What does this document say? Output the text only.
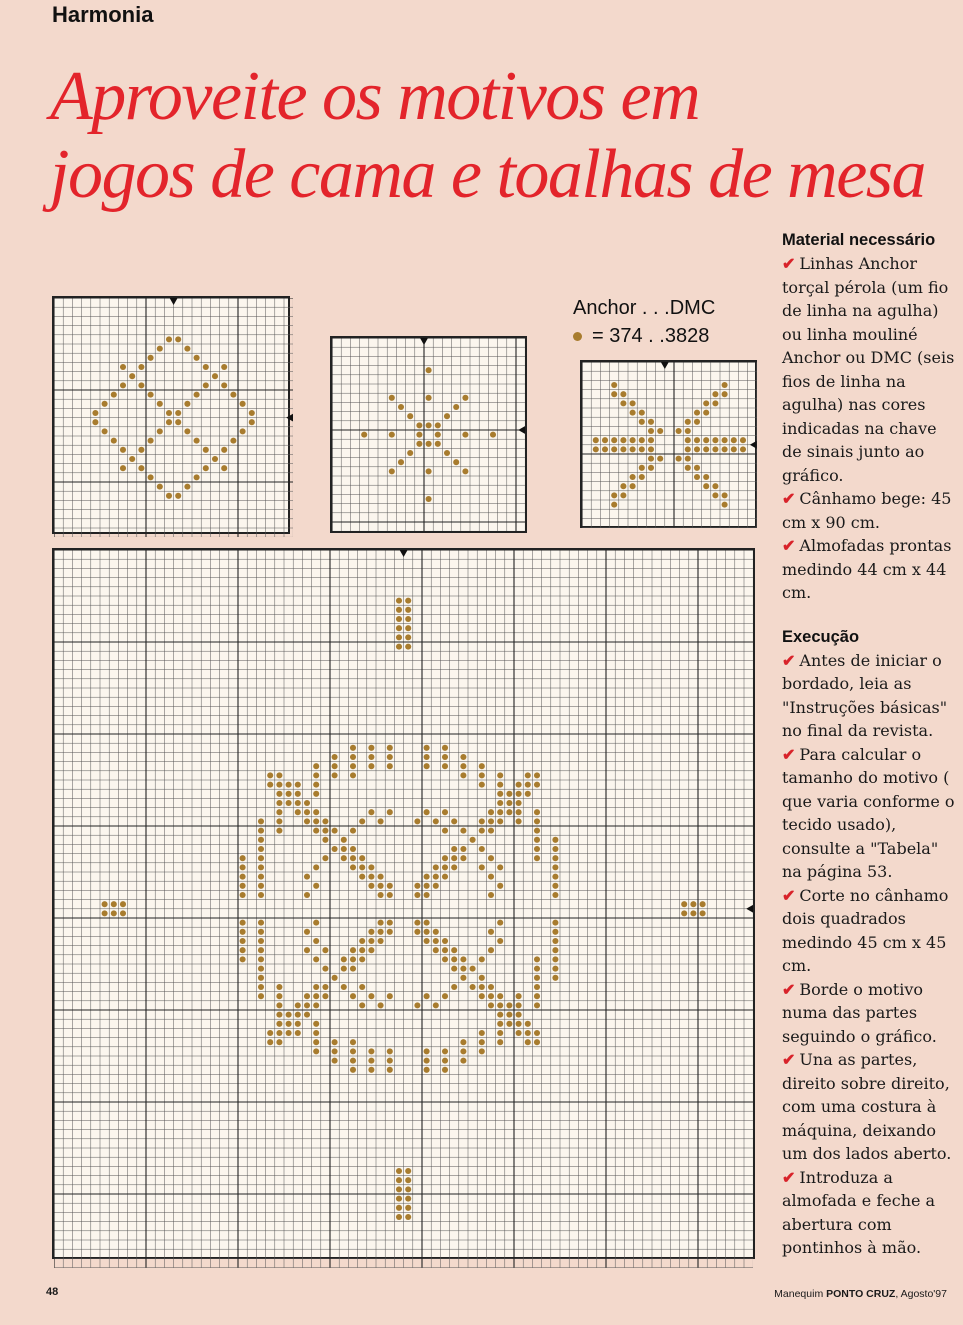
Harmonia
Aproveite os motivos em
jogos de cama e toalhas de mesa
Anchor . . .DMC
= 374 . .3828
Material necessário
✔ Linhas Anchor torçal pérola (um fio de linha na agulha) ou linha mouliné Anchor ou DMC (seis fios de linha na agulha) nas cores indicadas na chave de sinais junto ao gráfico.
✔ Cânhamo bege: 45 cm x 90 cm.
✔ Almofadas prontas medindo 44 cm x 44 cm.
Execução
✔ Antes de iniciar o bordado, leia as "Instruções básicas" no final da revista.
✔ Para calcular o tamanho do motivo ( que varia conforme o tecido usado), consulte a "Tabela" na página 53.
✔ Corte no cânhamo dois quadrados medindo 45 cm x 45 cm.
✔ Borde o motivo numa das partes seguindo o gráfico.
✔ Una as partes, direito sobre direito, com uma costura à máquina, deixando um dos lados aberto.
✔ Introduza a almofada e feche a abertura com pontinhos à mão.
48	Manequim PONTO CRUZ, Agosto'97
